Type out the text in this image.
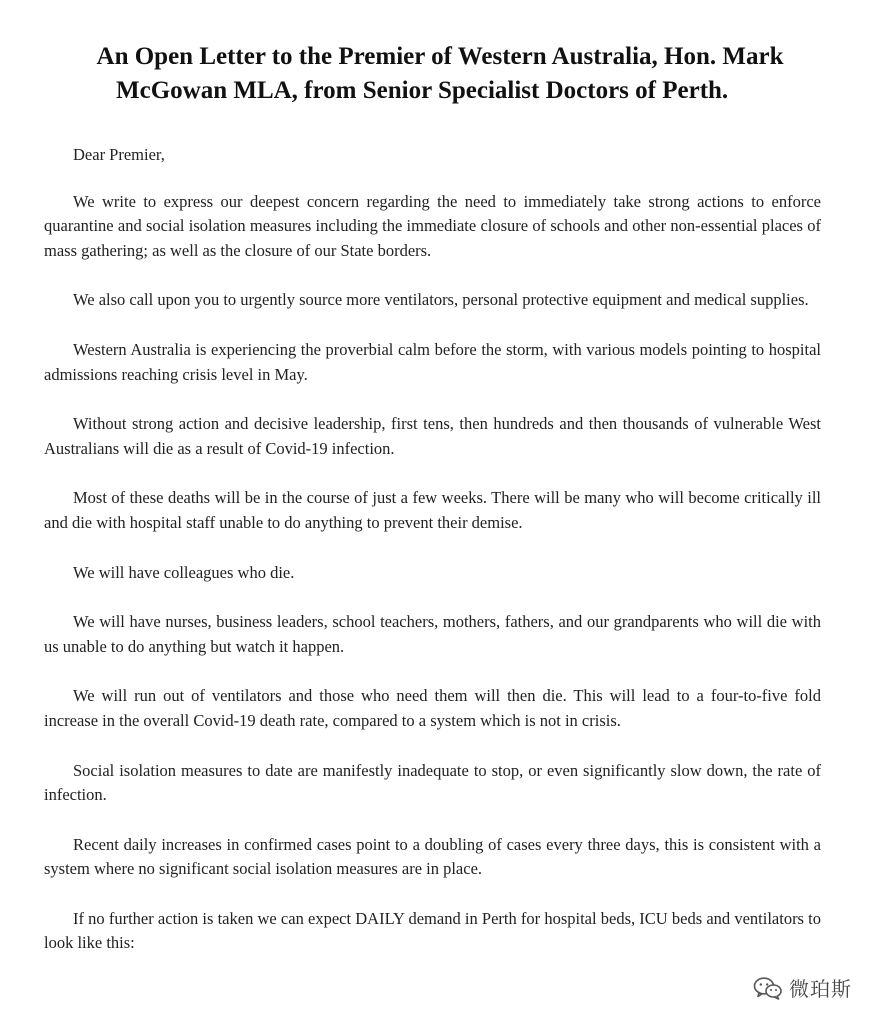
An Open Letter to the Premier of Western Australia, Hon. Mark
McGowan MLA, from Senior Specialist Doctors of Perth.

Dear Premier,

We write to express our deepest concern regarding the need to immediately take strong actions to enforce quarantine and social isolation measures including the immediate closure of schools and other non-essential places of mass gathering; as well as the closure of our State borders.

We also call upon you to urgently source more ventilators, personal protective equipment and medical supplies.

Western Australia is experiencing the proverbial calm before the storm, with various models pointing to hospital admissions reaching crisis level in May.

Without strong action and decisive leadership, first tens, then hundreds and then thousands of vulnerable West Australians will die as a result of Covid-19 infection.

Most of these deaths will be in the course of just a few weeks. There will be many who will become critically ill and die with hospital staff unable to do anything to prevent their demise.

We will have colleagues who die.

We will have nurses, business leaders, school teachers, mothers, fathers, and our grandparents who will die with us unable to do anything but watch it happen.

We will run out of ventilators and those who need them will then die. This will lead to a four-to-five fold increase in the overall Covid-19 death rate, compared to a system which is not in crisis.

Social isolation measures to date are manifestly inadequate to stop, or even significantly slow down, the rate of infection.

Recent daily increases in confirmed cases point to a doubling of cases every three days, this is consistent with a system where no significant social isolation measures are in place.

If no further action is taken we can expect DAILY demand in Perth for hospital beds, ICU beds and ventilators to look like this:

微珀斯
